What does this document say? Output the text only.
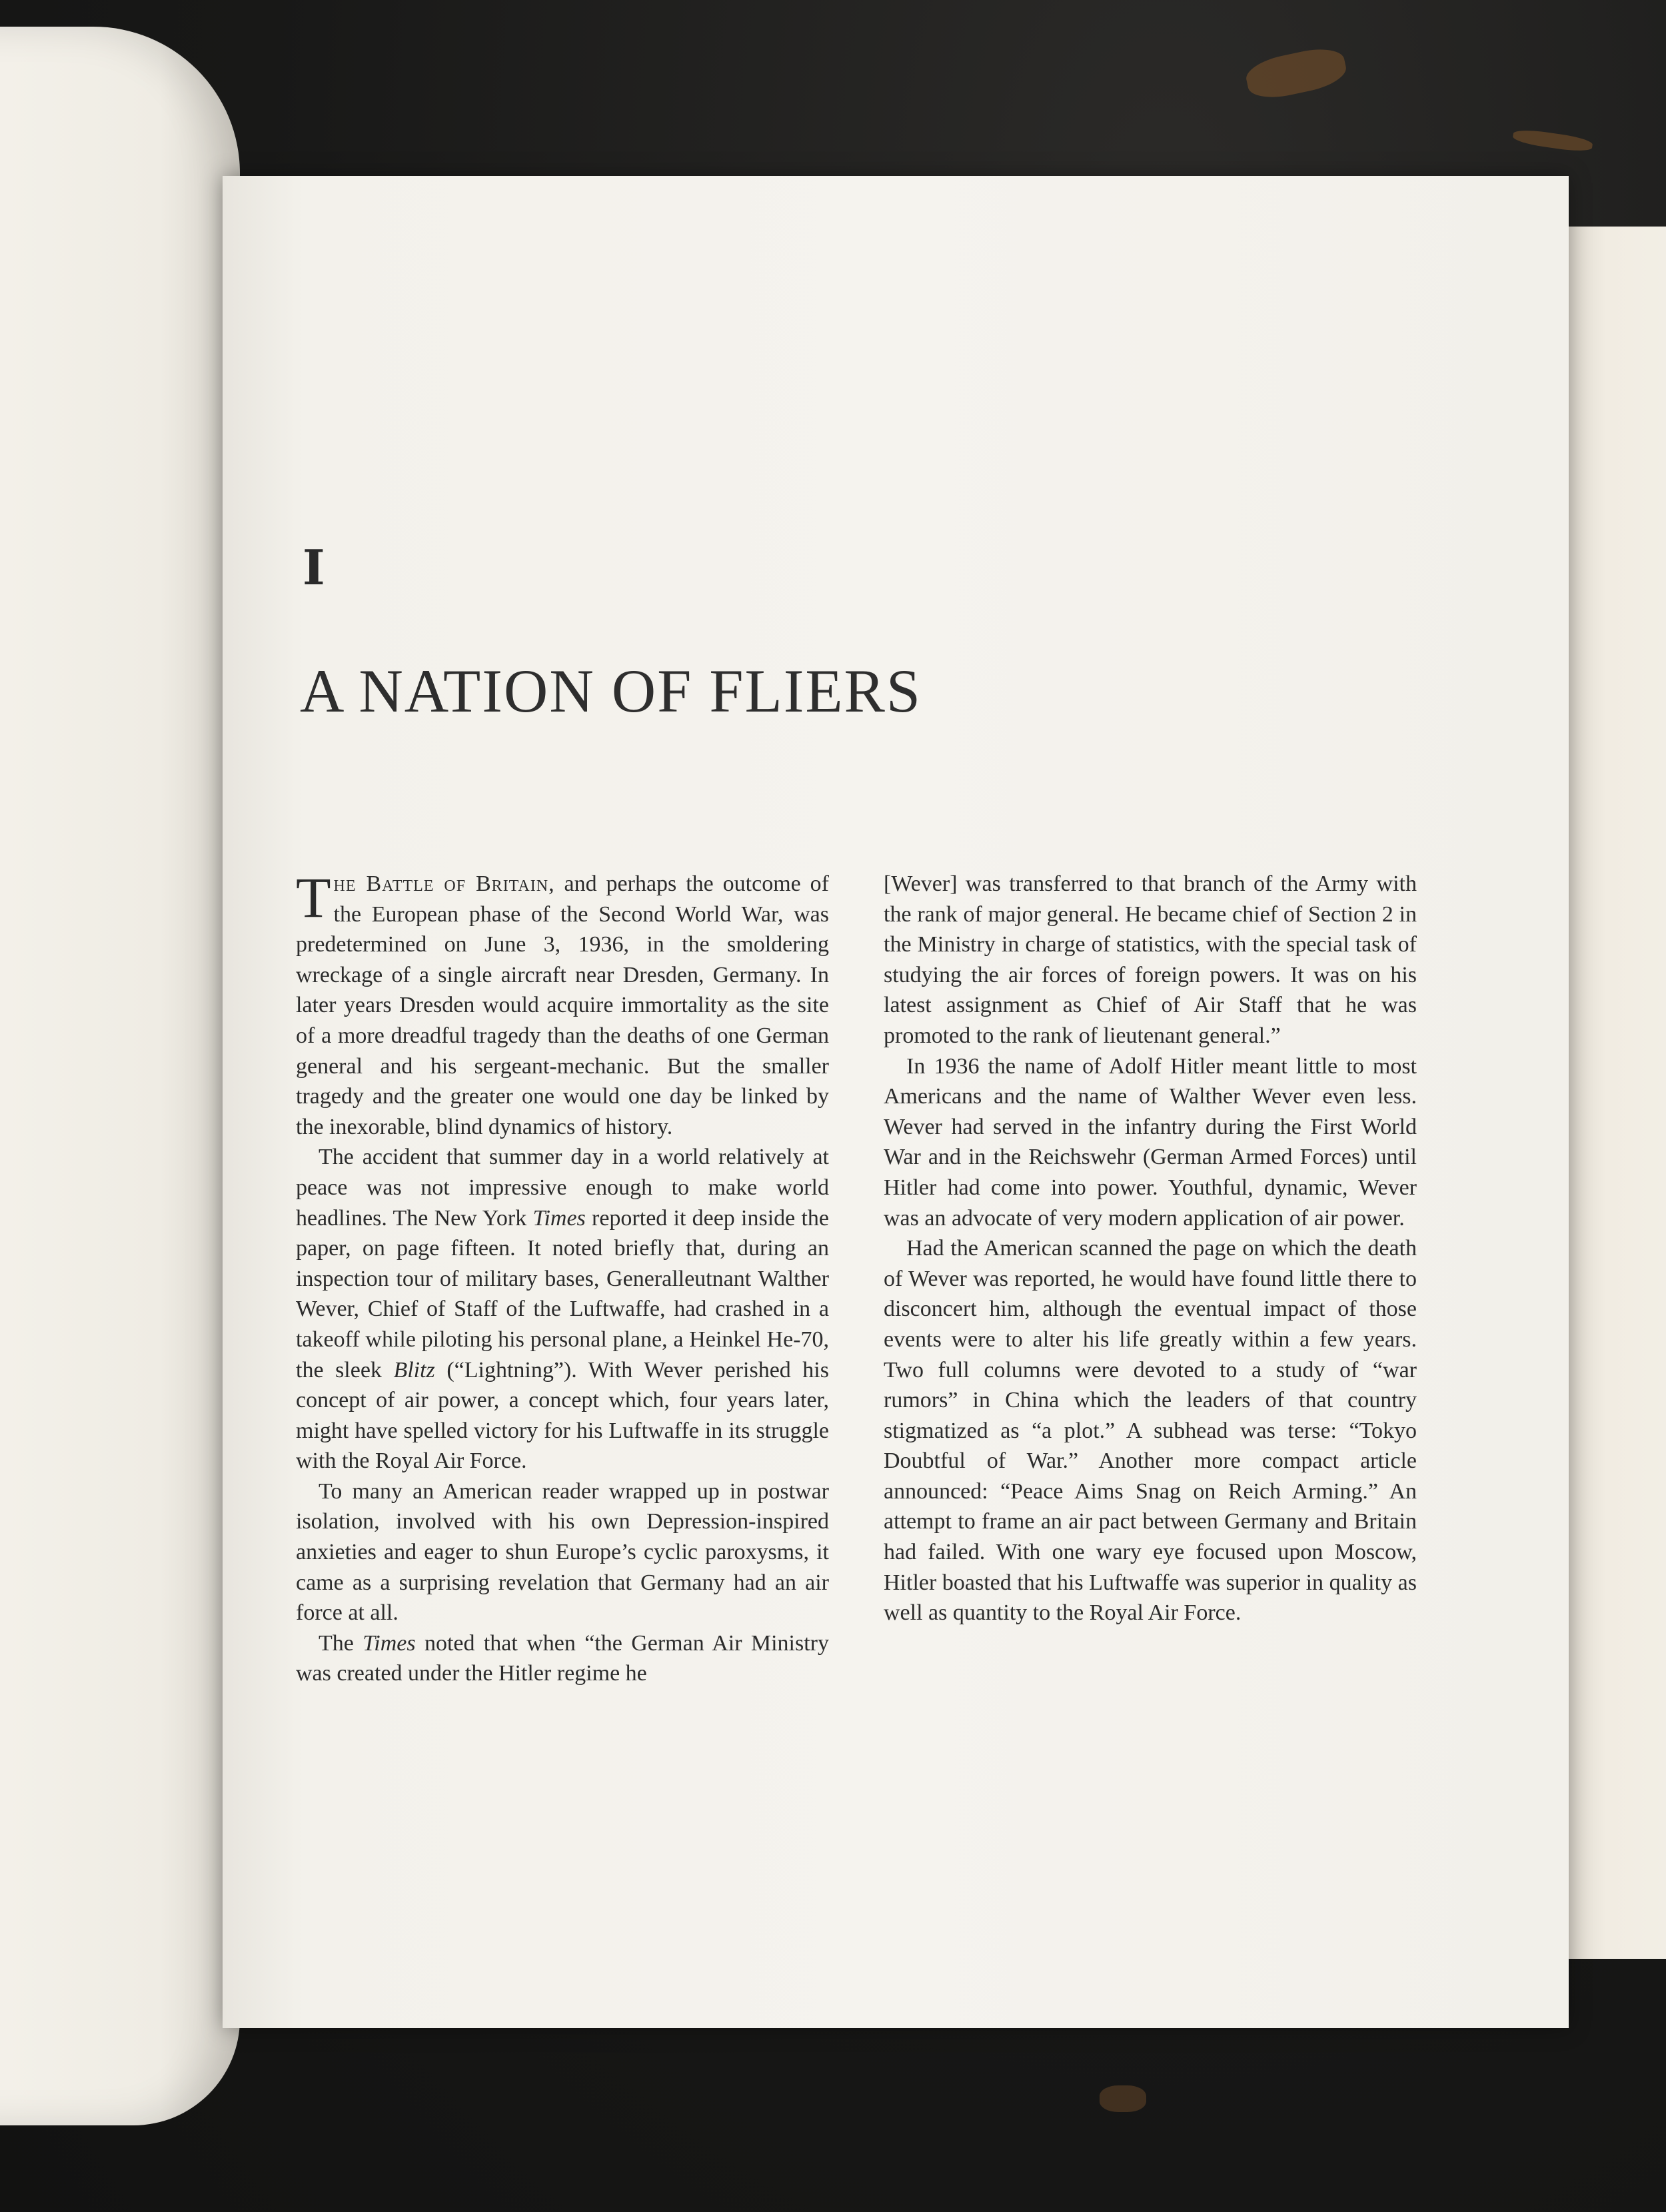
I
A NATION OF FLIERS

The Battle of Britain, and perhaps the outcome of the European phase of the Second World War, was predetermined on June 3, 1936, in the smoldering wreckage of a single aircraft near Dresden, Germany. In later years Dresden would acquire immortality as the site of a more dreadful tragedy than the deaths of one German general and his sergeant-mechanic. But the smaller tragedy and the greater one would one day be linked by the inexorable, blind dynamics of history.

The accident that summer day in a world relatively at peace was not impressive enough to make world headlines. The New York Times reported it deep inside the paper, on page fifteen. It noted briefly that, during an inspection tour of military bases, Generalleutnant Walther Wever, Chief of Staff of the Luftwaffe, had crashed in a takeoff while piloting his personal plane, a Heinkel He-70, the sleek Blitz (“Lightning”). With Wever perished his concept of air power, a concept which, four years later, might have spelled victory for his Luftwaffe in its struggle with the Royal Air Force.

To many an American reader wrapped up in postwar isolation, involved with his own Depression-inspired anxieties and eager to shun Europe’s cyclic paroxysms, it came as a surprising revelation that Germany had an air force at all.

The Times noted that when “the German Air Ministry was created under the Hitler regime he

[Wever] was transferred to that branch of the Army with the rank of major general. He became chief of Section 2 in the Ministry in charge of statistics, with the special task of studying the air forces of foreign powers. It was on his latest assignment as Chief of Air Staff that he was promoted to the rank of lieutenant general.”

In 1936 the name of Adolf Hitler meant little to most Americans and the name of Walther Wever even less. Wever had served in the infantry during the First World War and in the Reichswehr (German Armed Forces) until Hitler had come into power. Youthful, dynamic, Wever was an advocate of very modern application of air power.

Had the American scanned the page on which the death of Wever was reported, he would have found little there to disconcert him, although the eventual impact of those events were to alter his life greatly within a few years. Two full columns were devoted to a study of “war rumors” in China which the leaders of that country stigmatized as “a plot.” A subhead was terse: “Tokyo Doubtful of War.” Another more compact article announced: “Peace Aims Snag on Reich Arming.” An attempt to frame an air pact between Germany and Britain had failed. With one wary eye focused upon Moscow, Hitler boasted that his Luftwaffe was superior in quality as well as quantity to the Royal Air Force.
